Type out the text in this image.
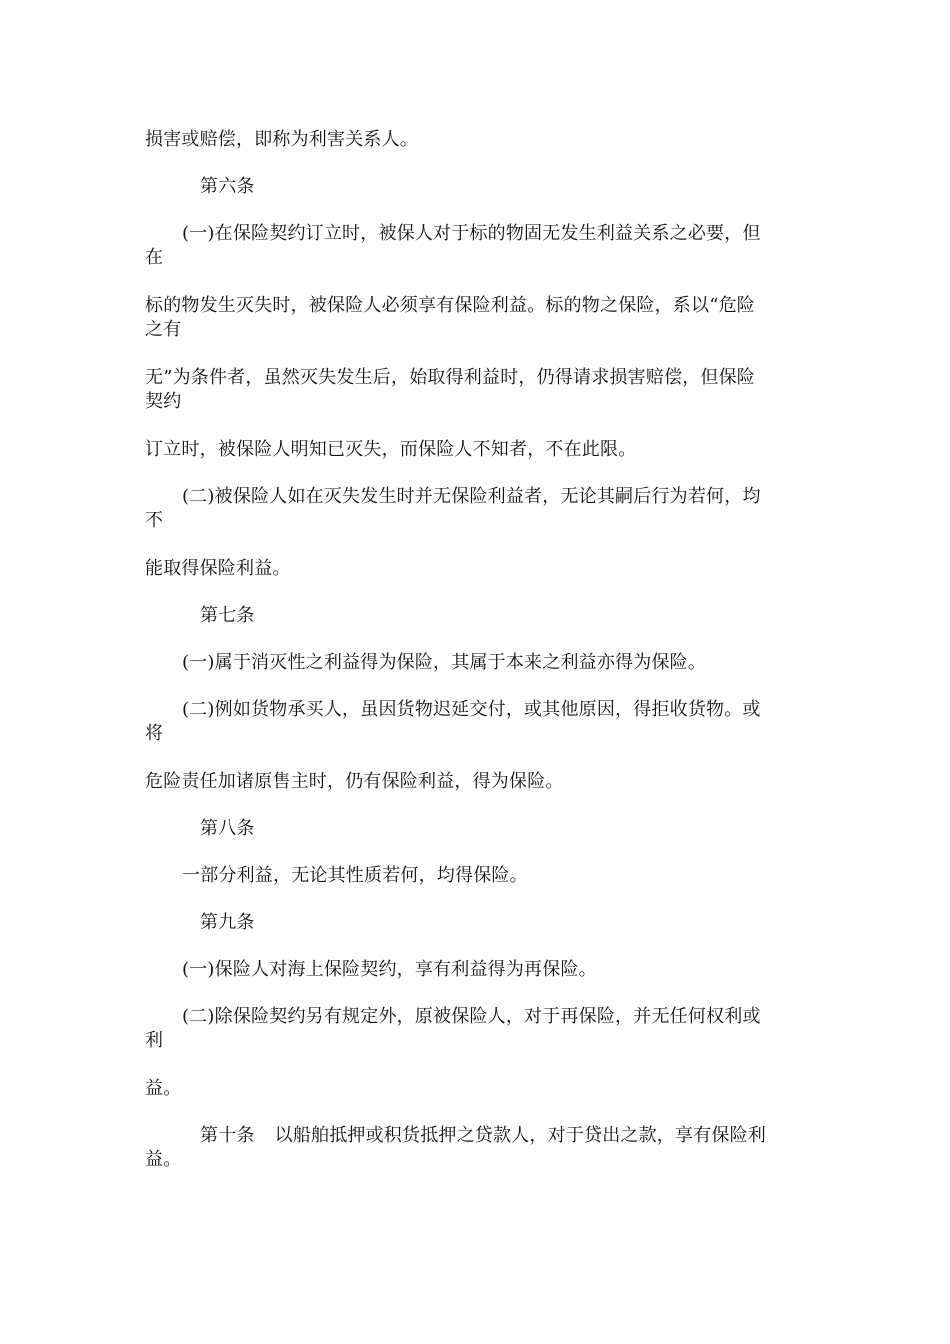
损害或赔偿，即称为利害关系人。
第六条
(一)在保险契约订立时，被保人对于标的物固无发生利益关系之必要，但
在
标的物发生灭失时，被保险人必须享有保险利益。标的物之保险，系以“危险
之有
无”为条件者，虽然灭失发生后，始取得利益时，仍得请求损害赔偿，但保险
契约
订立时，被保险人明知已灭失，而保险人不知者，不在此限。
(二)被保险人如在灭失发生时并无保险利益者，无论其嗣后行为若何，均
不
能取得保险利益。
第七条
(一)属于消灭性之利益得为保险，其属于本来之利益亦得为保险。
(二)例如货物承买人，虽因货物迟延交付，或其他原因，得拒收货物。或
将
危险责任加诸原售主时，仍有保险利益，得为保险。
第八条
一部分利益，无论其性质若何，均得保险。
第九条
(一)保险人对海上保险契约，享有利益得为再保险。
(二)除保险契约另有规定外，原被保险人，对于再保险，并无任何权利或
利
益。
第十条 以船舶抵押或积货抵押之贷款人，对于贷出之款，享有保险利
益。
